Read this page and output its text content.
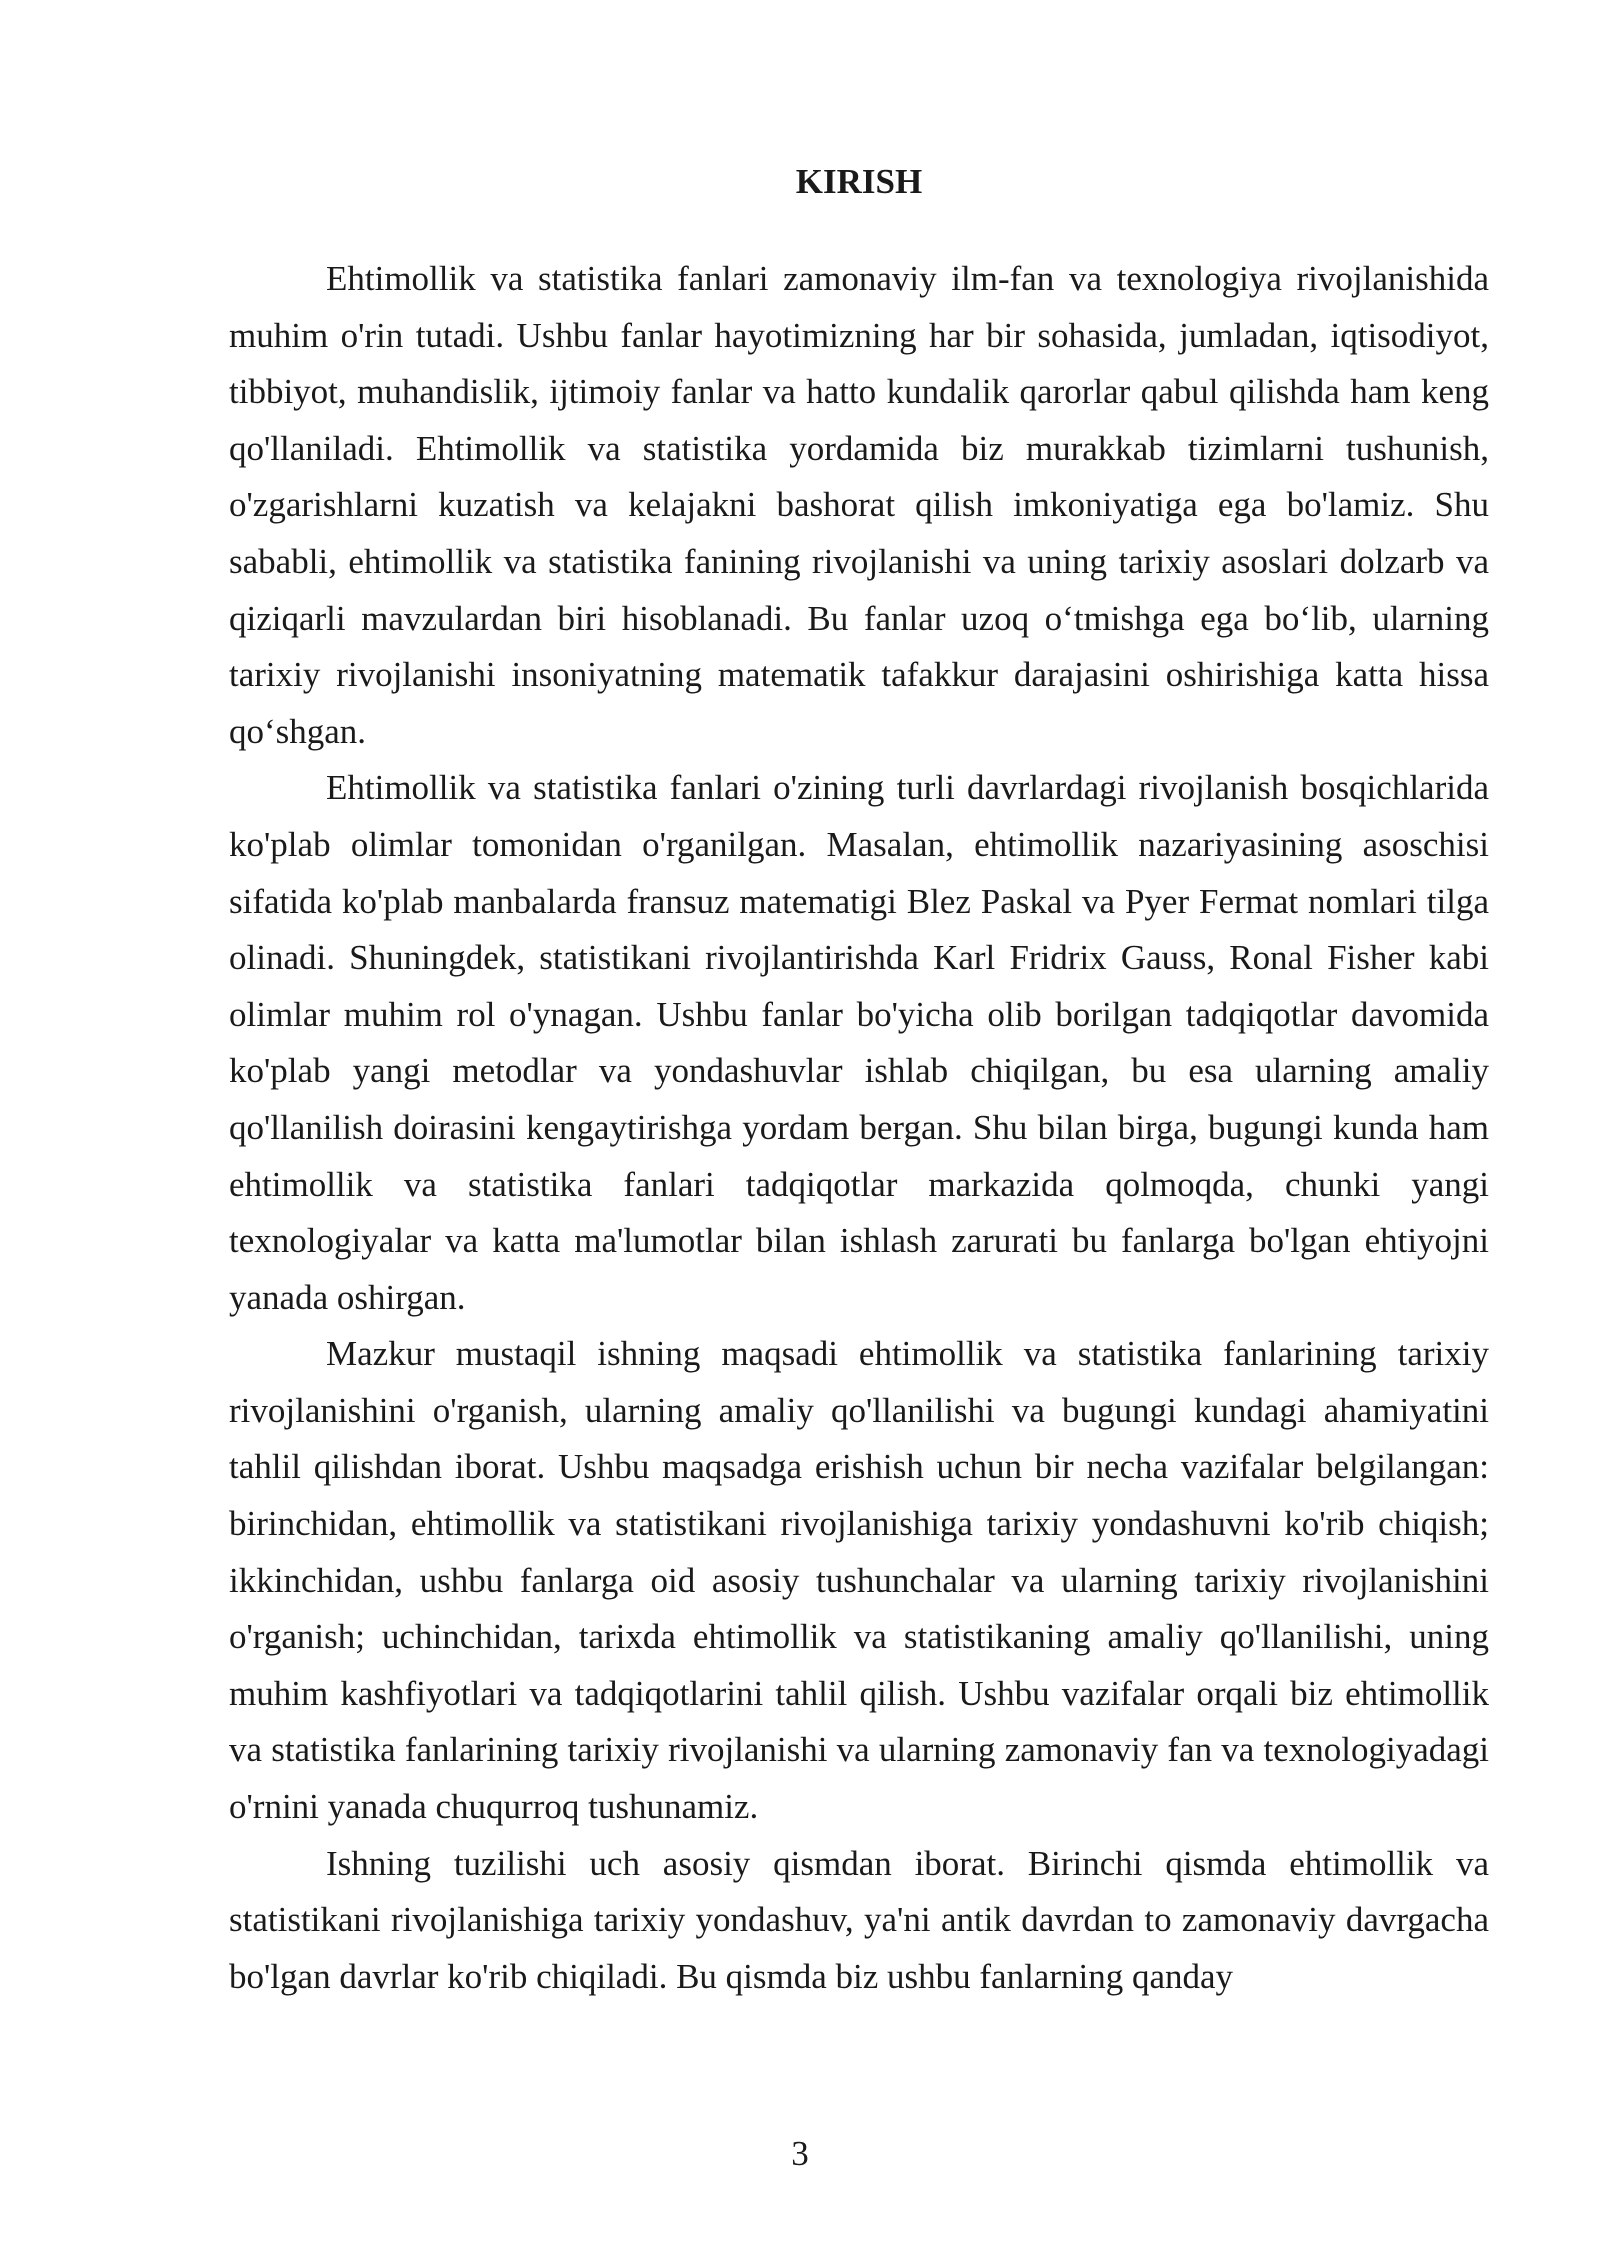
KIRISH

Ehtimollik va statistika fanlari zamonaviy ilm-fan va texnologiya rivojlanishida muhim o'rin tutadi. Ushbu fanlar hayotimizning har bir sohasida, jumladan, iqtisodiyot, tibbiyot, muhandislik, ijtimoiy fanlar va hatto kundalik qarorlar qabul qilishda ham keng qo'llaniladi. Ehtimollik va statistika yordamida biz murakkab tizimlarni tushunish, o'zgarishlarni kuzatish va kelajakni bashorat qilish imkoniyatiga ega bo'lamiz. Shu sababli, ehtimollik va statistika fanining rivojlanishi va uning tarixiy asoslari dolzarb va qiziqarli mavzulardan biri hisoblanadi. Bu fanlar uzoq o‘tmishga ega bo‘lib, ularning tarixiy rivojlanishi insoniyatning matematik tafakkur darajasini oshirishiga katta hissa qo‘shgan.

Ehtimollik va statistika fanlari o'zining turli davrlardagi rivojlanish bosqichlarida ko'plab olimlar tomonidan o'rganilgan. Masalan, ehtimollik nazariyasining asoschisi sifatida ko'plab manbalarda fransuz matematigi Blez Paskal va Pyer Fermat nomlari tilga olinadi. Shuningdek, statistikani rivojlantirishda Karl Fridrix Gauss, Ronal Fisher kabi olimlar muhim rol o'ynagan. Ushbu fanlar bo'yicha olib borilgan tadqiqotlar davomida ko'plab yangi metodlar va yondashuvlar ishlab chiqilgan, bu esa ularning amaliy qo'llanilish doirasini kengaytirishga yordam bergan. Shu bilan birga, bugungi kunda ham ehtimollik va statistika fanlari tadqiqotlar markazida qolmoqda, chunki yangi texnologiyalar va katta ma'lumotlar bilan ishlash zarurati bu fanlarga bo'lgan ehtiyojni yanada oshirgan.

Mazkur mustaqil ishning maqsadi ehtimollik va statistika fanlarining tarixiy rivojlanishini o'rganish, ularning amaliy qo'llanilishi va bugungi kundagi ahamiyatini tahlil qilishdan iborat. Ushbu maqsadga erishish uchun bir necha vazifalar belgilangan: birinchidan, ehtimollik va statistikani rivojlanishiga tarixiy yondashuvni ko'rib chiqish; ikkinchidan, ushbu fanlarga oid asosiy tushunchalar va ularning tarixiy rivojlanishini o'rganish; uchinchidan, tarixda ehtimollik va statistikaning amaliy qo'llanilishi, uning muhim kashfiyotlari va tadqiqotlarini tahlil qilish. Ushbu vazifalar orqali biz ehtimollik va statistika fanlarining tarixiy rivojlanishi va ularning zamonaviy fan va texnologiyadagi o'rnini yanada chuqurroq tushunamiz.

Ishning tuzilishi uch asosiy qismdan iborat. Birinchi qismda ehtimollik va statistikani rivojlanishiga tarixiy yondashuv, ya'ni antik davrdan to zamonaviy davrgacha bo'lgan davrlar ko'rib chiqiladi. Bu qismda biz ushbu fanlarning qanday

3
